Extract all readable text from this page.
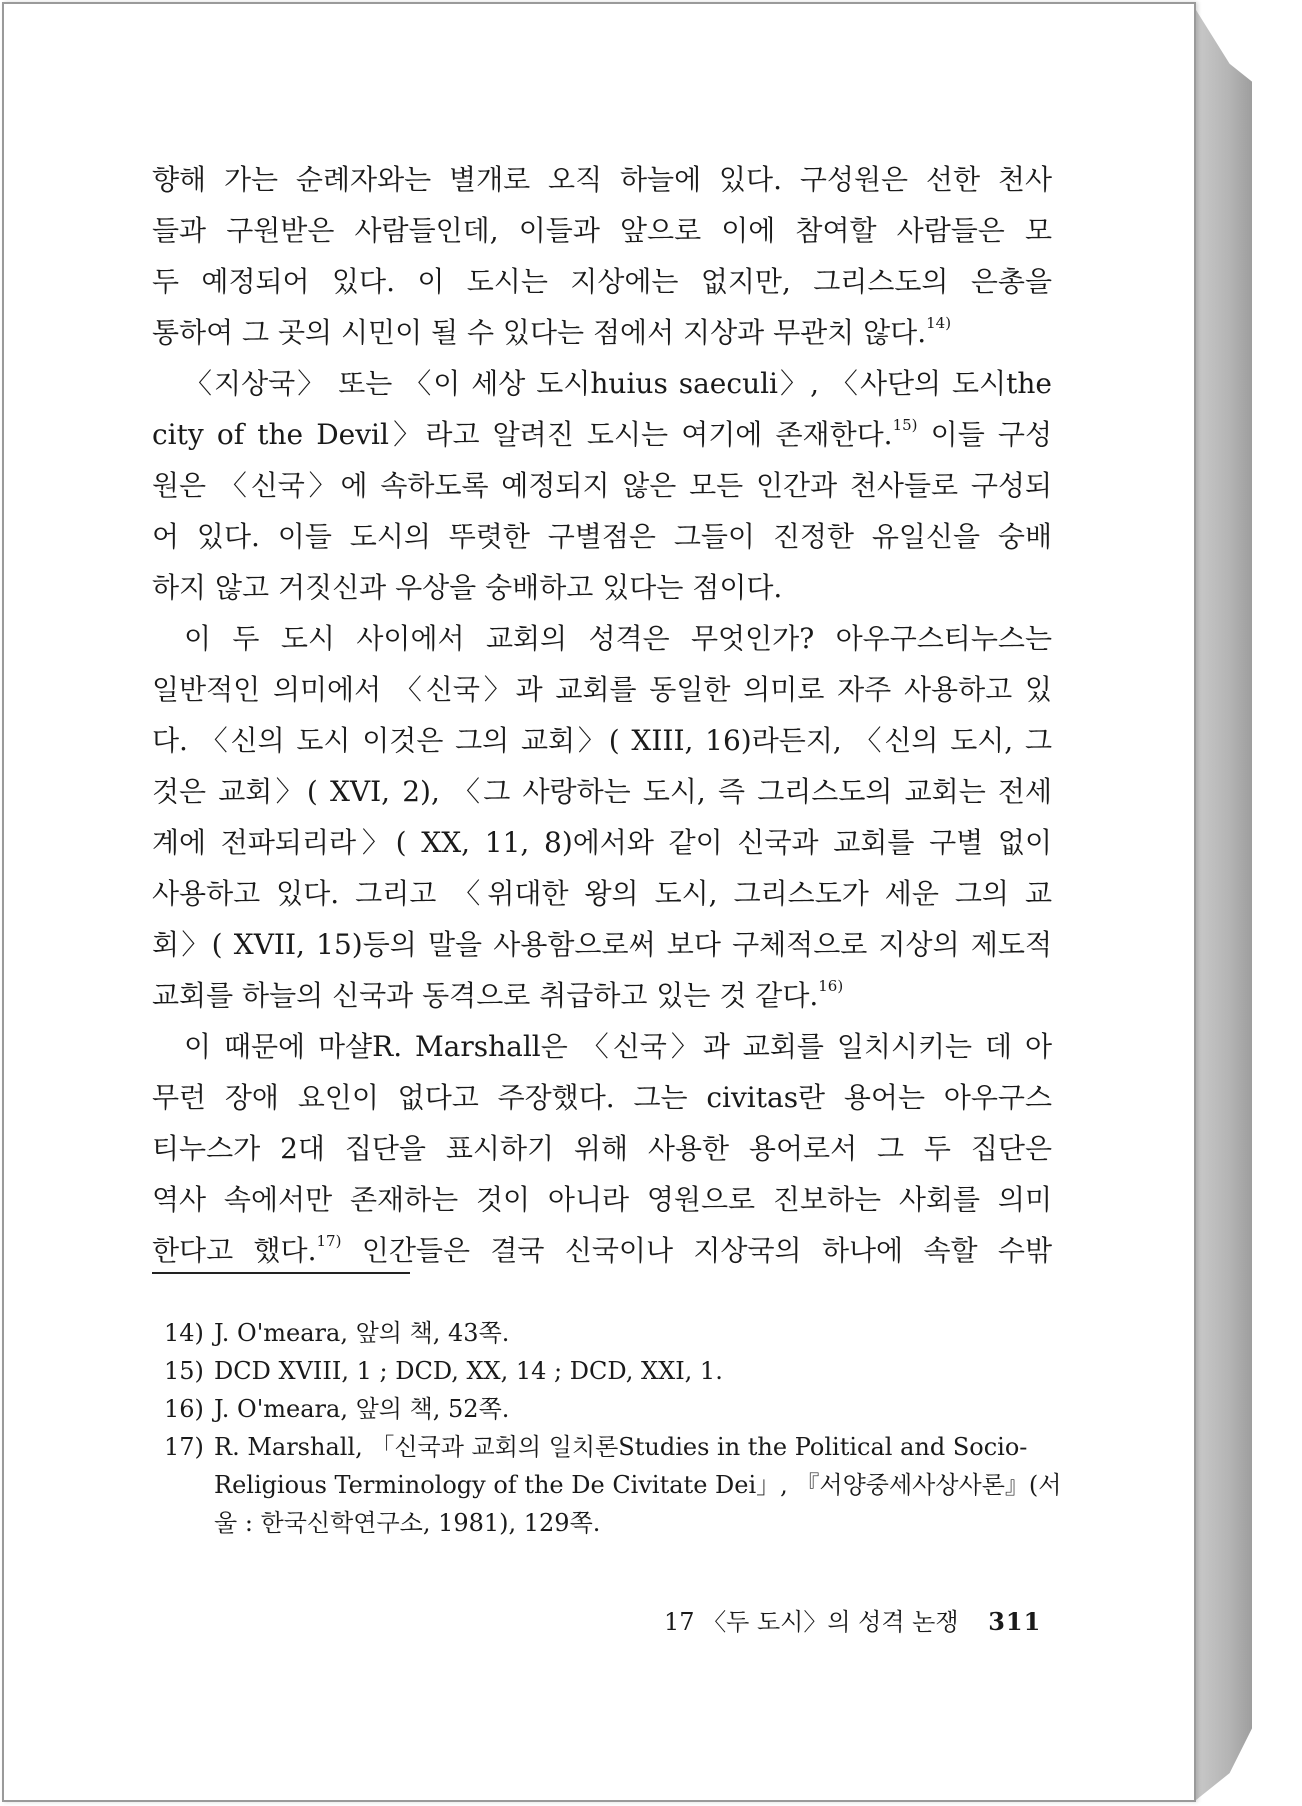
향해 가는 순례자와는 별개로 오직 하늘에 있다. 구성원은 선한 천사
들과 구원받은 사람들인데, 이들과 앞으로 이에 참여할 사람들은 모
두 예정되어 있다. 이 도시는 지상에는 없지만, 그리스도의 은총을
통하여 그 곳의 시민이 될 수 있다는 점에서 지상과 무관치 않다.$^{14)}$
〈지상국〉 또는 〈이 세상 도시huius saeculi〉, 〈사단의 도시the
city of the Devil〉라고 알려진 도시는 여기에 존재한다.$^{15)}$ 이들 구성
원은 〈신국〉에 속하도록 예정되지 않은 모든 인간과 천사들로 구성되
어 있다. 이들 도시의 뚜렷한 구별점은 그들이 진정한 유일신을 숭배
하지 않고 거짓신과 우상을 숭배하고 있다는 점이다.
이 두 도시 사이에서 교회의 성격은 무엇인가? 아우구스티누스는
일반적인 의미에서 〈신국〉과 교회를 동일한 의미로 자주 사용하고 있
다. 〈신의 도시 이것은 그의 교회〉( XIII, 16)라든지, 〈신의 도시, 그
것은 교회〉( XVI, 2), 〈그 사랑하는 도시, 즉 그리스도의 교회는 전세
계에 전파되리라〉( XX, 11, 8)에서와 같이 신국과 교회를 구별 없이
사용하고 있다. 그리고 〈위대한 왕의 도시, 그리스도가 세운 그의 교
회〉( XVII, 15)등의 말을 사용함으로써 보다 구체적으로 지상의 제도적
교회를 하늘의 신국과 동격으로 취급하고 있는 것 같다.$^{16)}$
이 때문에 마샬R. Marshall은 〈신국〉과 교회를 일치시키는 데 아
무런 장애 요인이 없다고 주장했다. 그는 civitas란 용어는 아우구스
티누스가 2대 집단을 표시하기 위해 사용한 용어로서 그 두 집단은
역사 속에서만 존재하는 것이 아니라 영원으로 진보하는 사회를 의미
한다고 했다.$^{17)}$ 인간들은 결국 신국이나 지상국의 하나에 속할 수밖
14) J. O'meara, 앞의 책, 43쪽.
15) DCD XVIII, 1 ; DCD, XX, 14 ; DCD, XXI, 1.
16) J. O'meara, 앞의 책, 52쪽.
17) R. Marshall, 「신국과 교회의 일치론Studies in the Political and Socio-
Religious Terminology of the De Civitate Dei」, 『서양중세사상사론』(서
울 : 한국신학연구소, 1981), 129쪽.
17 〈두 도시〉의 성격 논쟁 311
